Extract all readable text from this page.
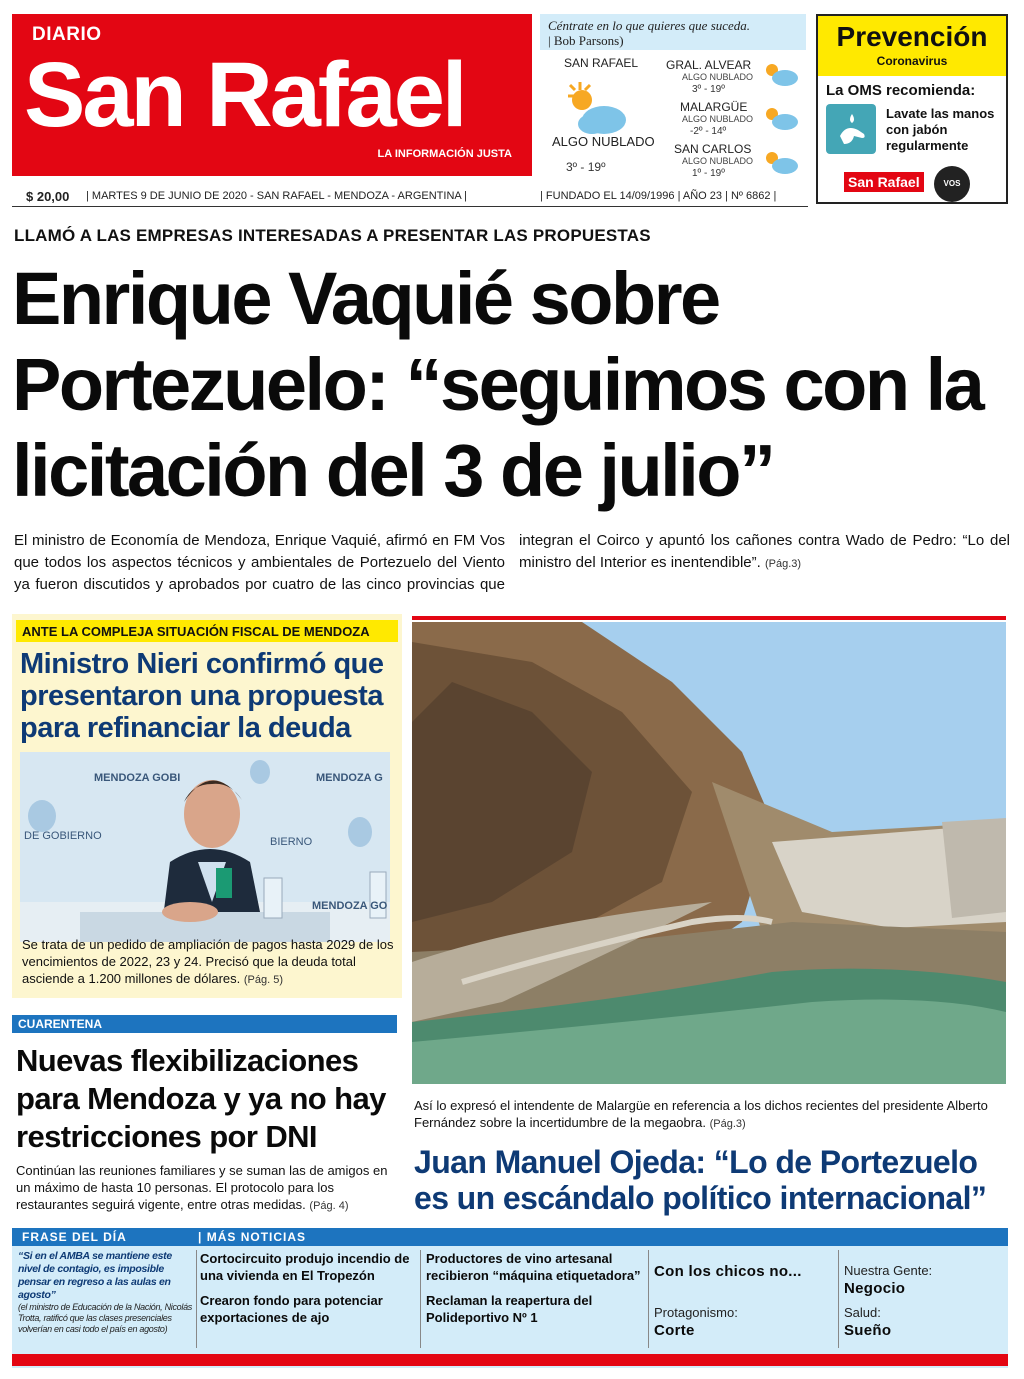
DIARIO
San Rafael
LA INFORMACIÓN JUSTA
Céntrate en lo que quieres que suceda.
| Bob Parsons)
SAN RAFAEL
ALGO NUBLADO
3º - 19º
GRAL. ALVEAR
ALGO NUBLADO
3º - 19º
MALARGÜE
ALGO NUBLADO
-2º - 14º
SAN CARLOS
ALGO NUBLADO
1º - 19º
Prevención
Coronavirus
La OMS recomienda:
Lavate las manos con jabón regularmente
San Rafael	VOS
$ 20,00 | MARTES 9 DE JUNIO DE 2020 - SAN RAFAEL - MENDOZA - ARGENTINA |	| FUNDADO EL 14/09/1996 | AÑO 23 | Nº 6862 |
LLAMÓ A LAS EMPRESAS INTERESADAS A PRESENTAR LAS PROPUESTAS
Enrique Vaquié sobre Portezuelo: “seguimos con la licitación del 3 de julio”
El ministro de Economía de Mendoza, Enrique Vaquié, afirmó en FM Vos que todos los aspectos técnicos y ambientales de Portezuelo del Viento ya fueron discutidos y aprobados por cuatro de las cinco provincias que integran el Coirco y apuntó los cañones contra Wado de Pedro: “Lo del ministro del Interior es inentendible”. (Pág.3)
ANTE LA COMPLEJA SITUACIÓN FISCAL DE MENDOZA
Ministro Nieri confirmó que presentaron una propuesta para refinanciar la deuda
MENDOZA GOBI	MENDOZA G
DE GOBIERNO	BIERNO
MENDOZA GO
Se trata de un pedido de ampliación de pagos hasta 2029 de los vencimientos de 2022, 23 y 24. Precisó que la deuda total asciende a 1.200 millones de dólares. (Pág. 5)
CUARENTENA
Nuevas flexibilizaciones para Mendoza y ya no hay restricciones por DNI
Continúan las reuniones familiares y se suman las de amigos en un máximo de hasta 10 personas. El protocolo para los restaurantes seguirá vigente, entre otras medidas. (Pág. 4)
Así lo expresó el intendente de Malargüe en referencia a los dichos recientes del presidente Alberto Fernández sobre la incertidumbre de la megaobra. (Pág.3)
Juan Manuel Ojeda: “Lo de Portezuelo es un escándalo político internacional”
FRASE DEL DÍA	| MÁS NOTICIAS
“Si en el AMBA se mantiene este nivel de contagio, es imposible pensar en regreso a las aulas en agosto”
(el ministro de Educación de la Nación, Nicolás Trotta, ratificó que las clases presenciales volverían en casi todo el país en agosto)
Cortocircuito produjo incendio de una vivienda en El Tropezón
Crearon fondo para potenciar exportaciones de ajo
Productores de vino artesanal recibieron “máquina etiquetadora”
Reclaman la reapertura del Polideportivo Nº 1
Con los chicos no...
Protagonismo:
Corte
Nuestra Gente:
Negocio
Salud:
Sueño
